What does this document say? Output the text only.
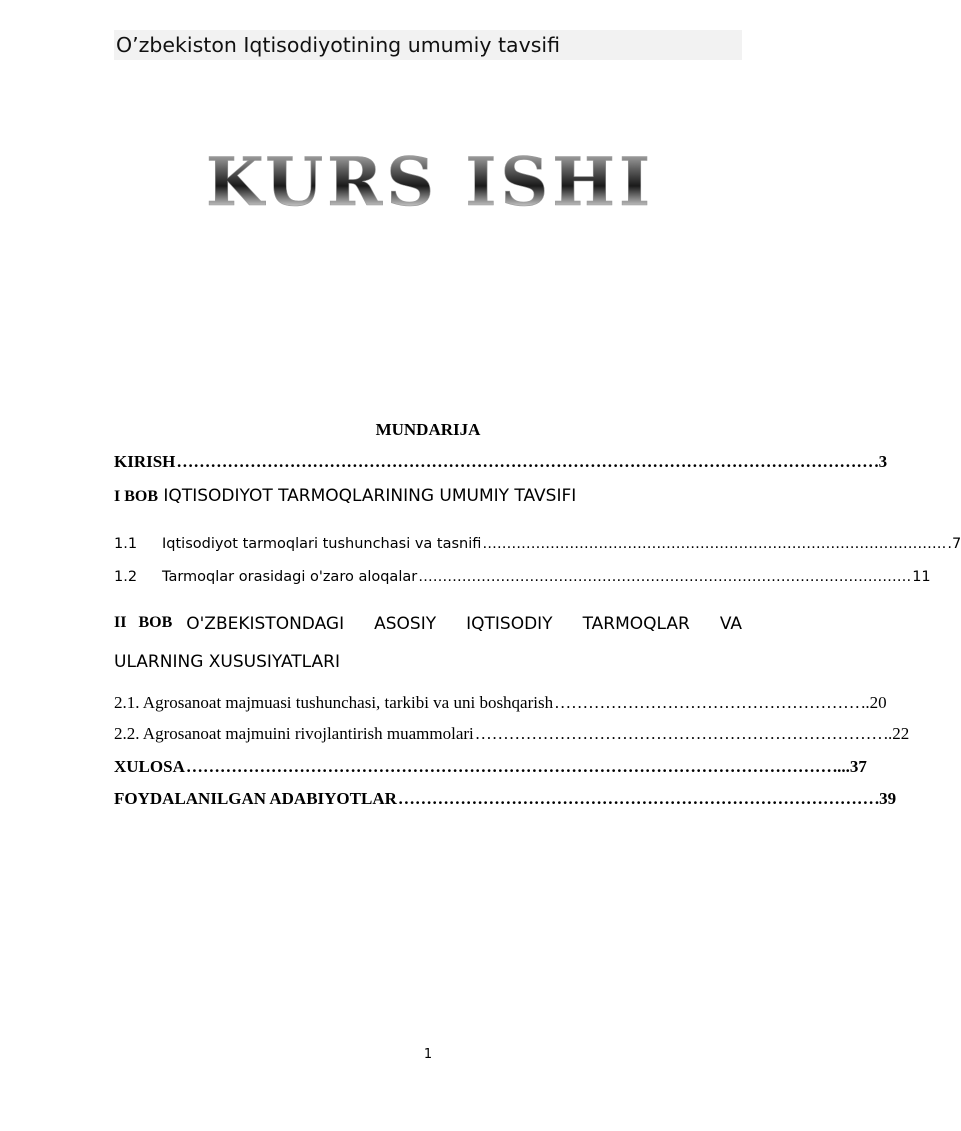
O’zbekiston Iqtisodiyotining umumiy tavsifi
KURS ISHI
MUNDARIJA
KIRISH …………………………………………………………………………………………………………… .3
I BOB IQTISODIYOT TARMOQLARINING UMUMIY TAVSIFI
1.1 Iqtisodiyot tarmoqlari tushunchasi va tasnifi …………………………………………………………………………………… .7
1.2 Tarmoqlar orasidagi o'zaro aloqalar ………………………………………………………………………………………… 11
II BOB O'ZBEKISTONDAGI ASOSIY IQTISODIY TARMOQLAR VA
ULARNING XUSUSIYATLARI
2.1. Agrosanoat majmuasi tushunchasi, tarkibi va uni boshqarish ……………………………………………… ..20
2.2. Agrosanoat majmuini rivojlantirish muammolari ……………………………………………………………… ..22
XULOSA …………………………………………………………………………………………………… ....37
FOYDALANILGAN ADABIYOTLAR ………………………………………………………………………… .39
1
